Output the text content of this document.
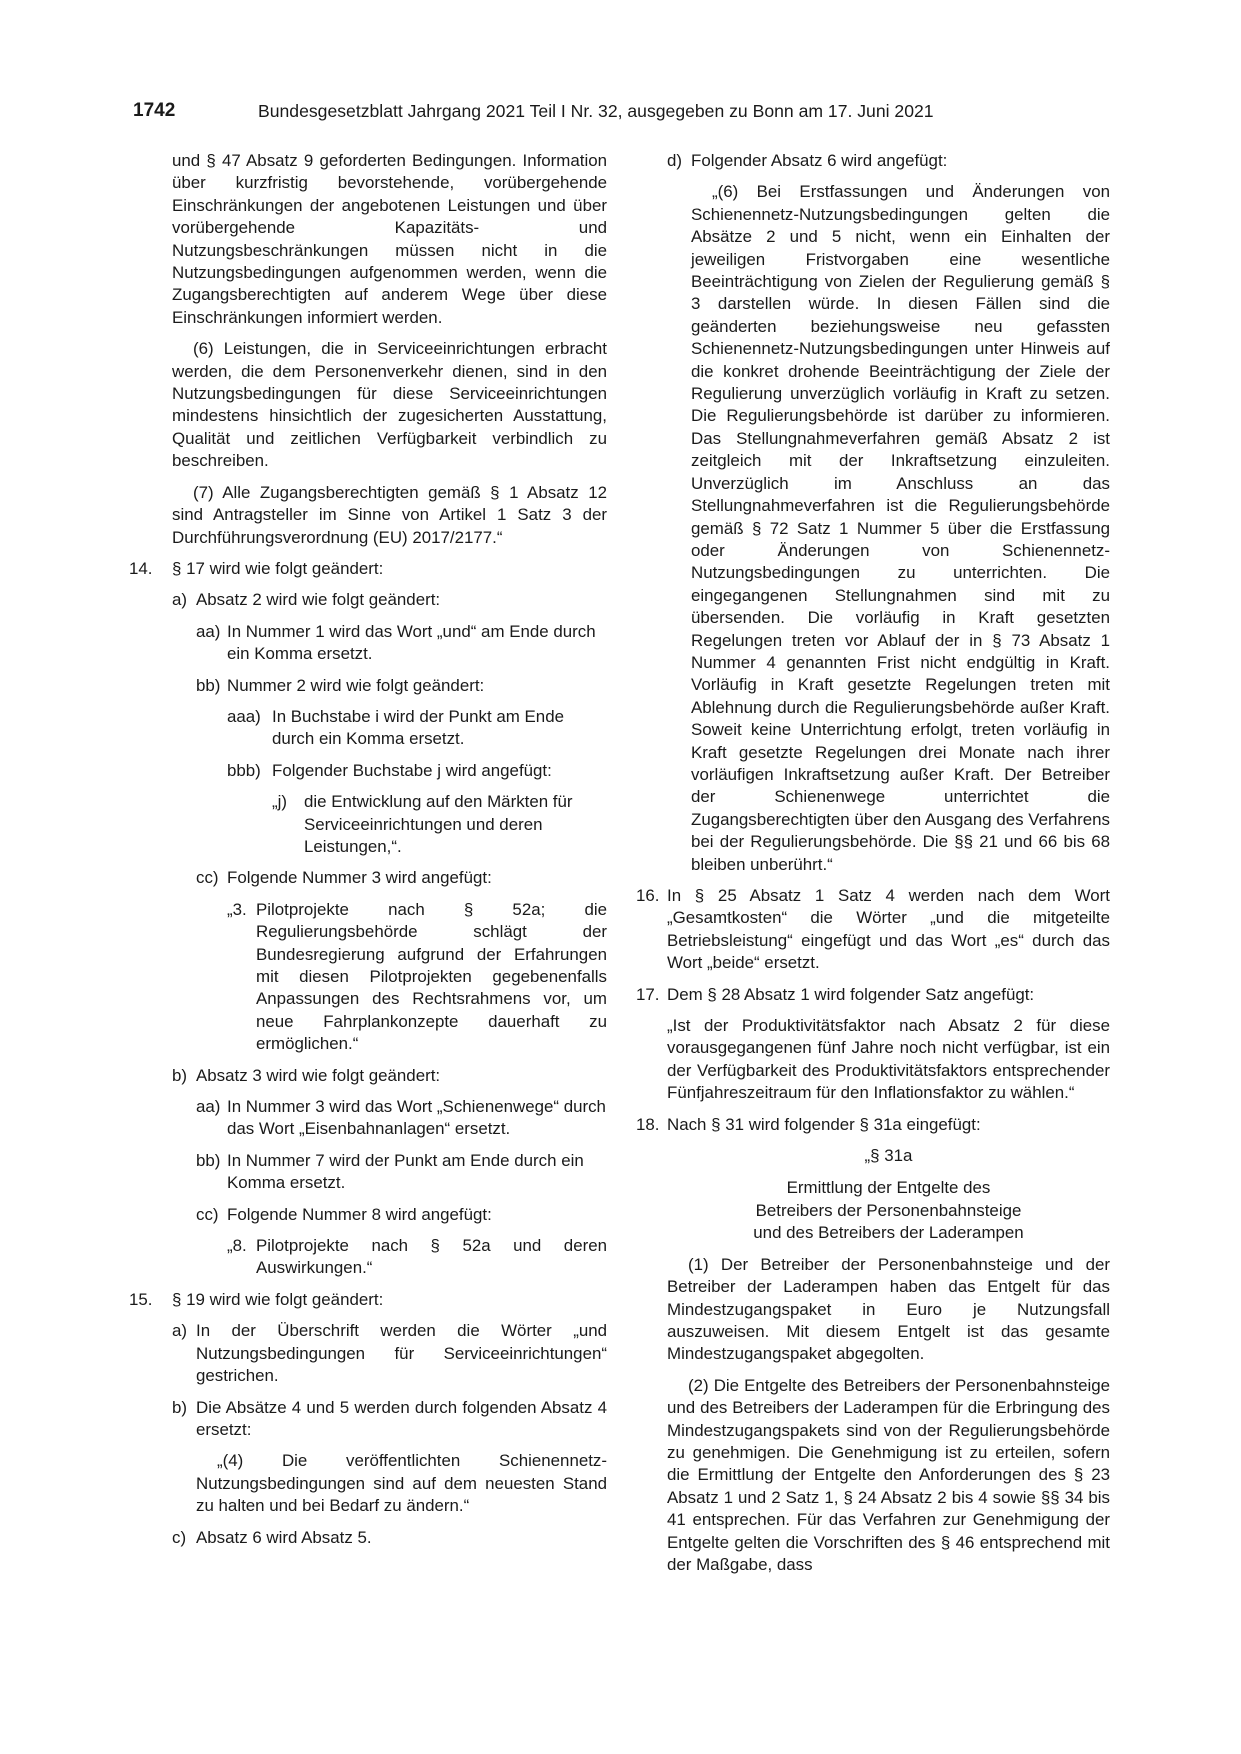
1742	Bundesgesetzblatt Jahrgang 2021 Teil I Nr. 32, ausgegeben zu Bonn am 17. Juni 2021
und § 47 Absatz 9 geforderten Bedingungen. Information über kurzfristig bevorstehende, vorübergehende Einschränkungen der angebotenen Leistungen und über vorübergehende Kapazitäts- und Nutzungsbeschränkungen müssen nicht in die Nutzungsbedingungen aufgenommen werden, wenn die Zugangsberechtigten auf anderem Wege über diese Einschränkungen informiert werden.
(6) Leistungen, die in Serviceeinrichtungen erbracht werden, die dem Personenverkehr dienen, sind in den Nutzungsbedingungen für diese Serviceeinrichtungen mindestens hinsichtlich der zugesicherten Ausstattung, Qualität und zeitlichen Verfügbarkeit verbindlich zu beschreiben.
(7) Alle Zugangsberechtigten gemäß § 1 Absatz 12 sind Antragsteller im Sinne von Artikel 1 Satz 3 der Durchführungsverordnung (EU) 2017/2177.“
14. § 17 wird wie folgt geändert:
a) Absatz 2 wird wie folgt geändert:
aa) In Nummer 1 wird das Wort „und“ am Ende durch ein Komma ersetzt.
bb) Nummer 2 wird wie folgt geändert:
aaa) In Buchstabe i wird der Punkt am Ende durch ein Komma ersetzt.
bbb) Folgender Buchstabe j wird angefügt:
„j) die Entwicklung auf den Märkten für Serviceeinrichtungen und deren Leistungen,“.
cc) Folgende Nummer 3 wird angefügt:
„3. Pilotprojekte nach § 52a; die Regulierungsbehörde schlägt der Bundesregierung aufgrund der Erfahrungen mit diesen Pilotprojekten gegebenenfalls Anpassungen des Rechtsrahmens vor, um neue Fahrplankonzepte dauerhaft zu ermöglichen.“
b) Absatz 3 wird wie folgt geändert:
aa) In Nummer 3 wird das Wort „Schienenwege“ durch das Wort „Eisenbahnanlagen“ ersetzt.
bb) In Nummer 7 wird der Punkt am Ende durch ein Komma ersetzt.
cc) Folgende Nummer 8 wird angefügt:
„8. Pilotprojekte nach § 52a und deren Auswirkungen.“
15. § 19 wird wie folgt geändert:
a) In der Überschrift werden die Wörter „und Nutzungsbedingungen für Serviceeinrichtungen“ gestrichen.
b) Die Absätze 4 und 5 werden durch folgenden Absatz 4 ersetzt:
„(4) Die veröffentlichten Schienennetz-Nutzungsbedingungen sind auf dem neuesten Stand zu halten und bei Bedarf zu ändern.“
c) Absatz 6 wird Absatz 5.
d) Folgender Absatz 6 wird angefügt:
„(6) Bei Erstfassungen und Änderungen von Schienennetz-Nutzungsbedingungen gelten die Absätze 2 und 5 nicht, wenn ein Einhalten der jeweiligen Fristvorgaben eine wesentliche Beeinträchtigung von Zielen der Regulierung gemäß § 3 darstellen würde. In diesen Fällen sind die geänderten beziehungsweise neu gefassten Schienennetz-Nutzungsbedingungen unter Hinweis auf die konkret drohende Beeinträchtigung der Ziele der Regulierung unverzüglich vorläufig in Kraft zu setzen. Die Regulierungsbehörde ist darüber zu informieren. Das Stellungnahmeverfahren gemäß Absatz 2 ist zeitgleich mit der Inkraftsetzung einzuleiten. Unverzüglich im Anschluss an das Stellungnahmeverfahren ist die Regulierungsbehörde gemäß § 72 Satz 1 Nummer 5 über die Erstfassung oder Änderungen von Schienennetz-Nutzungsbedingungen zu unterrichten. Die eingegangenen Stellungnahmen sind mit zu übersenden. Die vorläufig in Kraft gesetzten Regelungen treten vor Ablauf der in § 73 Absatz 1 Nummer 4 genannten Frist nicht endgültig in Kraft. Vorläufig in Kraft gesetzte Regelungen treten mit Ablehnung durch die Regulierungsbehörde außer Kraft. Soweit keine Unterrichtung erfolgt, treten vorläufig in Kraft gesetzte Regelungen drei Monate nach ihrer vorläufigen Inkraftsetzung außer Kraft. Der Betreiber der Schienenwege unterrichtet die Zugangsberechtigten über den Ausgang des Verfahrens bei der Regulierungsbehörde. Die §§ 21 und 66 bis 68 bleiben unberührt.“
16. In § 25 Absatz 1 Satz 4 werden nach dem Wort „Gesamtkosten“ die Wörter „und die mitgeteilte Betriebsleistung“ eingefügt und das Wort „es“ durch das Wort „beide“ ersetzt.
17. Dem § 28 Absatz 1 wird folgender Satz angefügt:
„Ist der Produktivitätsfaktor nach Absatz 2 für diese vorausgegangenen fünf Jahre noch nicht verfügbar, ist ein der Verfügbarkeit des Produktivitätsfaktors entsprechender Fünfjahreszeitraum für den Inflationsfaktor zu wählen.“
18. Nach § 31 wird folgender § 31a eingefügt:
„§ 31a
Ermittlung der Entgelte des
Betreibers der Personenbahnsteige
und des Betreibers der Laderampen
(1) Der Betreiber der Personenbahnsteige und der Betreiber der Laderampen haben das Entgelt für das Mindestzugangspaket in Euro je Nutzungsfall auszuweisen. Mit diesem Entgelt ist das gesamte Mindestzugangspaket abgegolten.
(2) Die Entgelte des Betreibers der Personenbahnsteige und des Betreibers der Laderampen für die Erbringung des Mindestzugangspakets sind von der Regulierungsbehörde zu genehmigen. Die Genehmigung ist zu erteilen, sofern die Ermittlung der Entgelte den Anforderungen des § 23 Absatz 1 und 2 Satz 1, § 24 Absatz 2 bis 4 sowie §§ 34 bis 41 entsprechen. Für das Verfahren zur Genehmigung der Entgelte gelten die Vorschriften des § 46 entsprechend mit der Maßgabe, dass
